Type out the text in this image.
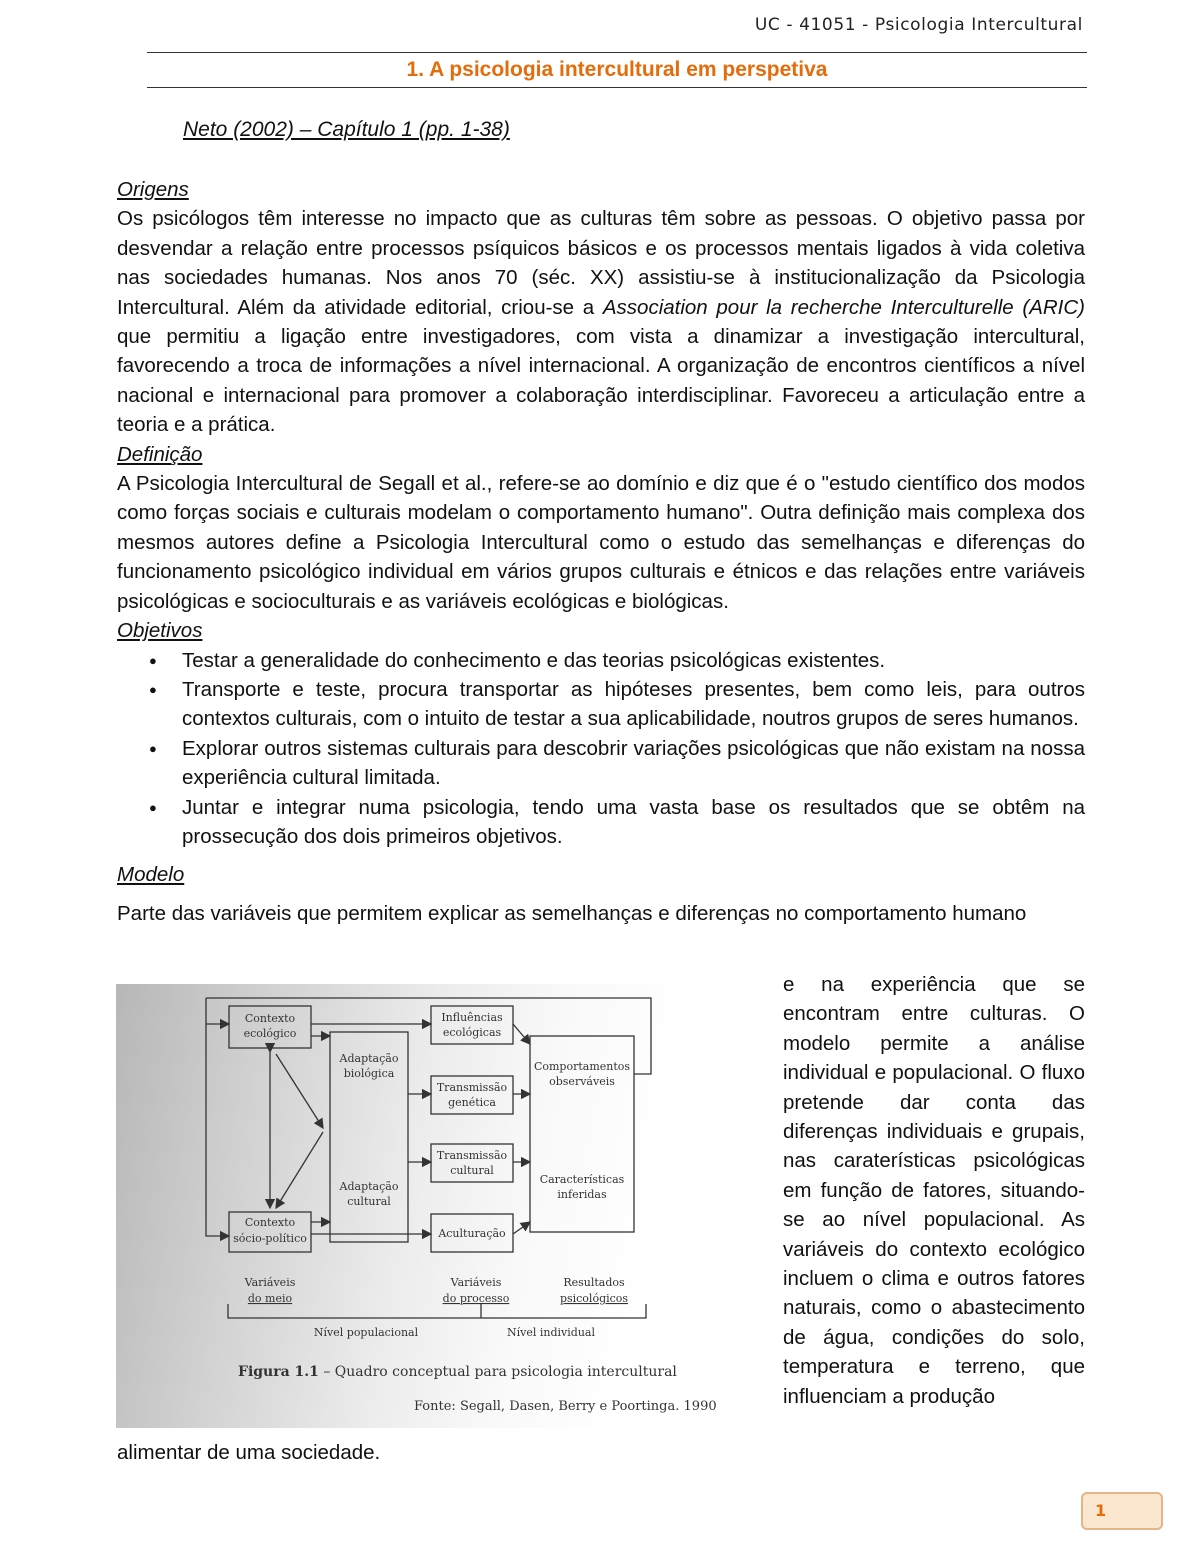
UC - 41051 - Psicologia Intercultural
1. A psicologia intercultural em perspetiva
Neto (2002) – Capítulo 1 (pp. 1-38)
Origens

Os psicólogos têm interesse no impacto que as culturas têm sobre as pessoas. O objetivo passa por desvendar a relação entre processos psíquicos básicos e os processos mentais ligados à vida coletiva nas sociedades humanas. Nos anos 70 (séc. XX) assistiu-se à institucionalização da Psicologia Intercultural. Além da atividade editorial, criou-se a Association pour la recherche Interculturelle (ARIC) que permitiu a ligação entre investigadores, com vista a dinamizar a investigação intercultural, favorecendo a troca de informações a nível internacional. A organização de encontros científicos a nível nacional e internacional para promover a colaboração interdisciplinar. Favoreceu a articulação entre a teoria e a prática.

Definição

A Psicologia Intercultural de Segall et al., refere-se ao domínio e diz que é o "estudo científico dos modos como forças sociais e culturais modelam o comportamento humano". Outra definição mais complexa dos mesmos autores define a Psicologia Intercultural como o estudo das semelhanças e diferenças do funcionamento psicológico individual em vários grupos culturais e étnicos e das relações entre variáveis psicológicas e socioculturais e as variáveis ecológicas e biológicas.

Objetivos
● Testar a generalidade do conhecimento e das teorias psicológicas existentes.
● Transporte e teste, procura transportar as hipóteses presentes, bem como leis, para outros contextos culturais, com o intuito de testar a sua aplicabilidade, noutros grupos de seres humanos.
● Explorar outros sistemas culturais para descobrir variações psicológicas que não existam na nossa experiência cultural limitada.
● Juntar e integrar numa psicologia, tendo uma vasta base os resultados que se obtêm na prossecução dos dois primeiros objetivos.
Modelo

Parte das variáveis que permitem explicar as semelhanças e diferenças no comportamento humano

Contexto
ecológico
Contexto
sócio-político
Adaptação
biológica
Adaptação
cultural
Influências
ecológicas
Transmissão
genética
Transmissão
cultural
Aculturação
Comportamentos
observáveis
Características
inferidas
Variáveis
do meio
Variáveis
do processo
Resultados
psicológicos
Nível populacional	Nível individual
Figura 1.1 – Quadro conceptual para psicologia intercultural
Fonte: Segall, Dasen, Berry e Poortinga. 1990
e na experiência que se encontram entre culturas. O modelo permite a análise individual e populacional. O fluxo pretende dar conta das diferenças individuais e grupais, nas caraterísticas psicológicas em função de fatores, situando-se ao nível populacional. As variáveis do contexto ecológico incluem o clima e outros fatores naturais, como o abastecimento de água, condições do solo, temperatura e terreno, que influenciam a produção
alimentar de uma sociedade.
1
